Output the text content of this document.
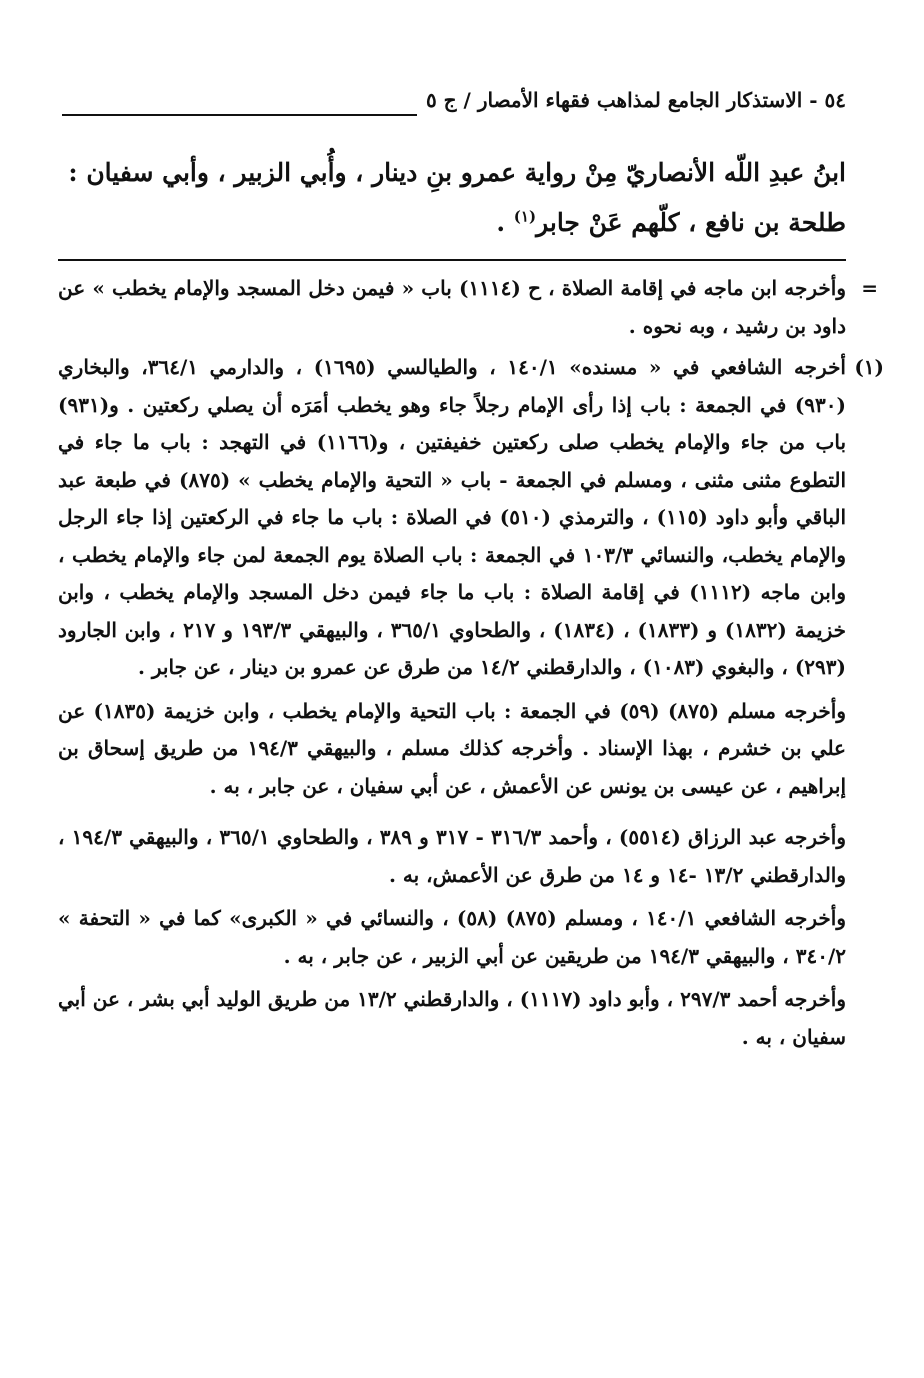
٥٤ - الاستذكار الجامع لمذاهب فقهاء الأمصار / ج ٥

ابنُ عبدِ اللّه الأنصاريّ مِنْ رواية عمرو بنِ دينار ، وأُبي الزبير ، وأبي سفيان :

طلحة بن نافع ، كلّهم عَنْ جابر$^{(١)}$ .

=
وأخرجه ابن ماجه في إقامة الصلاة ، ح (١١١٤) باب « فيمن دخل المسجد والإمام يخطب » عن داود بن رشيد ، وبه نحوه .

(١)
أخرجه الشافعي في « مسنده» ١٤٠/١ ، والطيالسي (١٦٩٥) ، والدارمي ٣٦٤/١، والبخاري (٩٣٠) في الجمعة : باب إذا رأى الإمام رجلاً جاء وهو يخطب أمَرَه أن يصلي ركعتين . و(٩٣١) باب من جاء والإمام يخطب صلى ركعتين خفيفتين ، و(١١٦٦) في التهجد : باب ما جاء في التطوع مثنى مثنى ، ومسلم في الجمعة - باب « التحية والإمام يخطب » (٨٧٥) في طبعة عبد الباقي وأبو داود (١١٥) ، والترمذي (٥١٠) في الصلاة : باب ما جاء في الركعتين إذا جاء الرجل والإمام يخطب، والنسائي ١٠٣/٣ في الجمعة : باب الصلاة يوم الجمعة لمن جاء والإمام يخطب ، وابن ماجه (١١١٢) في إقامة الصلاة : باب ما جاء فيمن دخل المسجد والإمام يخطب ، وابن خزيمة (١٨٣٢) و (١٨٣٣) ، (١٨٣٤) ، والطحاوي ٣٦٥/١ ، والبيهقي ١٩٣/٣ و ٢١٧ ، وابن الجارود (٢٩٣) ، والبغوي (١٠٨٣) ، والدارقطني ١٤/٢ من طرق عن عمرو بن دينار ، عن جابر .

وأخرجه مسلم (٨٧٥) (٥٩) في الجمعة : باب التحية والإمام يخطب ، وابن خزيمة (١٨٣٥) عن علي بن خشرم ، بهذا الإسناد . وأخرجه كذلك مسلم ، والبيهقي ١٩٤/٣ من طريق إسحاق بن إبراهيم ، عن عيسى بن يونس عن الأعمش ، عن أبي سفيان ، عن جابر ، به .

وأخرجه عبد الرزاق (٥٥١٤) ، وأحمد ٣١٦/٣ - ٣١٧ و ٣٨٩ ، والطحاوي ٣٦٥/١ ، والبيهقي ١٩٤/٣ ، والدارقطني ١٣/٢ -١٤ و ١٤ من طرق عن الأعمش، به .

وأخرجه الشافعي ١٤٠/١ ، ومسلم (٨٧٥) (٥٨) ، والنسائي في « الكبرى» كما في « التحفة » ٣٤٠/٢ ، والبيهقي ١٩٤/٣ من طريقين عن أبي الزبير ، عن جابر ، به .

وأخرجه أحمد ٢٩٧/٣ ، وأبو داود (١١١٧) ، والدارقطني ١٣/٢ من طريق الوليد أبي بشر ، عن أبي سفيان ، به .
